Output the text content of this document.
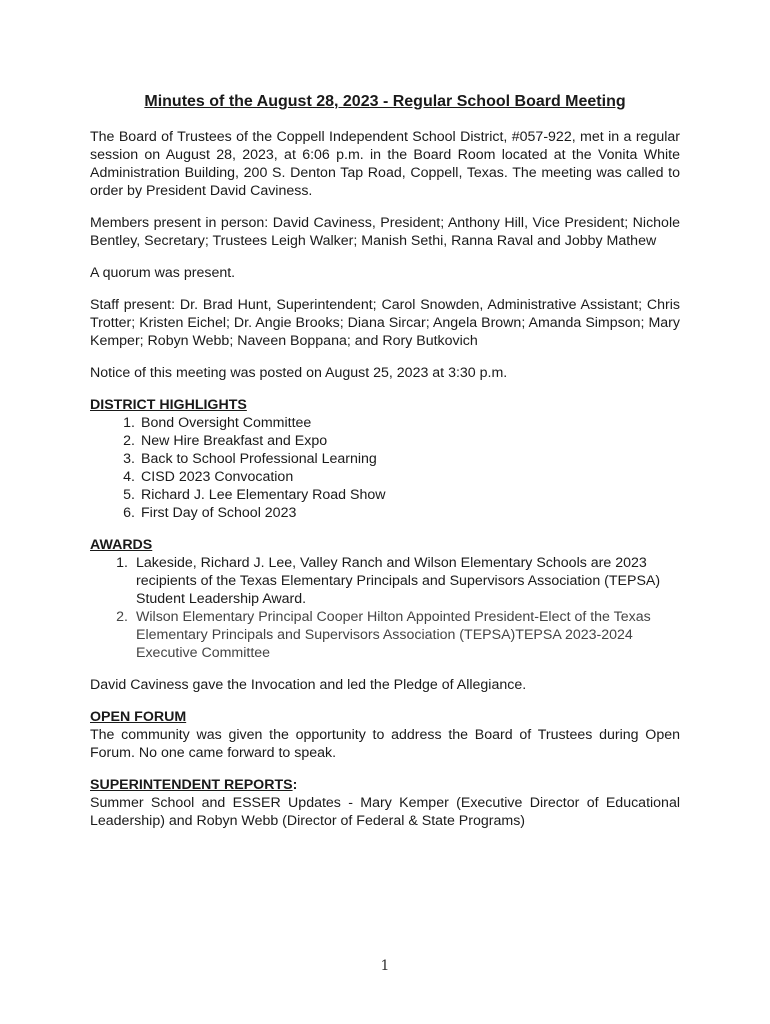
Minutes of the August 28, 2023 - Regular School Board Meeting

The Board of Trustees of the Coppell Independent School District, #057-922, met in a regular session on August 28, 2023, at 6:06 p.m. in the Board Room located at the Vonita White Administration Building, 200 S. Denton Tap Road, Coppell, Texas. The meeting was called to order by President David Caviness.

Members present in person: David Caviness, President; Anthony Hill, Vice President; Nichole Bentley, Secretary; Trustees Leigh Walker; Manish Sethi, Ranna Raval and Jobby Mathew

A quorum was present.

Staff present: Dr. Brad Hunt, Superintendent; Carol Snowden, Administrative Assistant; Chris Trotter; Kristen Eichel; Dr. Angie Brooks; Diana Sircar; Angela Brown; Amanda Simpson; Mary Kemper; Robyn Webb; Naveen Boppana; and Rory Butkovich

Notice of this meeting was posted on August 25, 2023 at 3:30 p.m.

DISTRICT HIGHLIGHTS
1. Bond Oversight Committee
2. New Hire Breakfast and Expo
3. Back to School Professional Learning
4. CISD 2023 Convocation
5. Richard J. Lee Elementary Road Show
6. First Day of School 2023
AWARDS
1. Lakeside, Richard J. Lee, Valley Ranch and Wilson Elementary Schools are 2023 recipients of the Texas Elementary Principals and Supervisors Association (TEPSA) Student Leadership Award.
2. Wilson Elementary Principal Cooper Hilton Appointed President-Elect of the Texas Elementary Principals and Supervisors Association (TEPSA)TEPSA 2023-2024 Executive Committee

David Caviness gave the Invocation and led the Pledge of Allegiance.

OPEN FORUM

The community was given the opportunity to address the Board of Trustees during Open Forum. No one came forward to speak.

SUPERINTENDENT REPORTS:

Summer School and ESSER Updates - Mary Kemper (Executive Director of Educational Leadership) and Robyn Webb (Director of Federal & State Programs)

1
